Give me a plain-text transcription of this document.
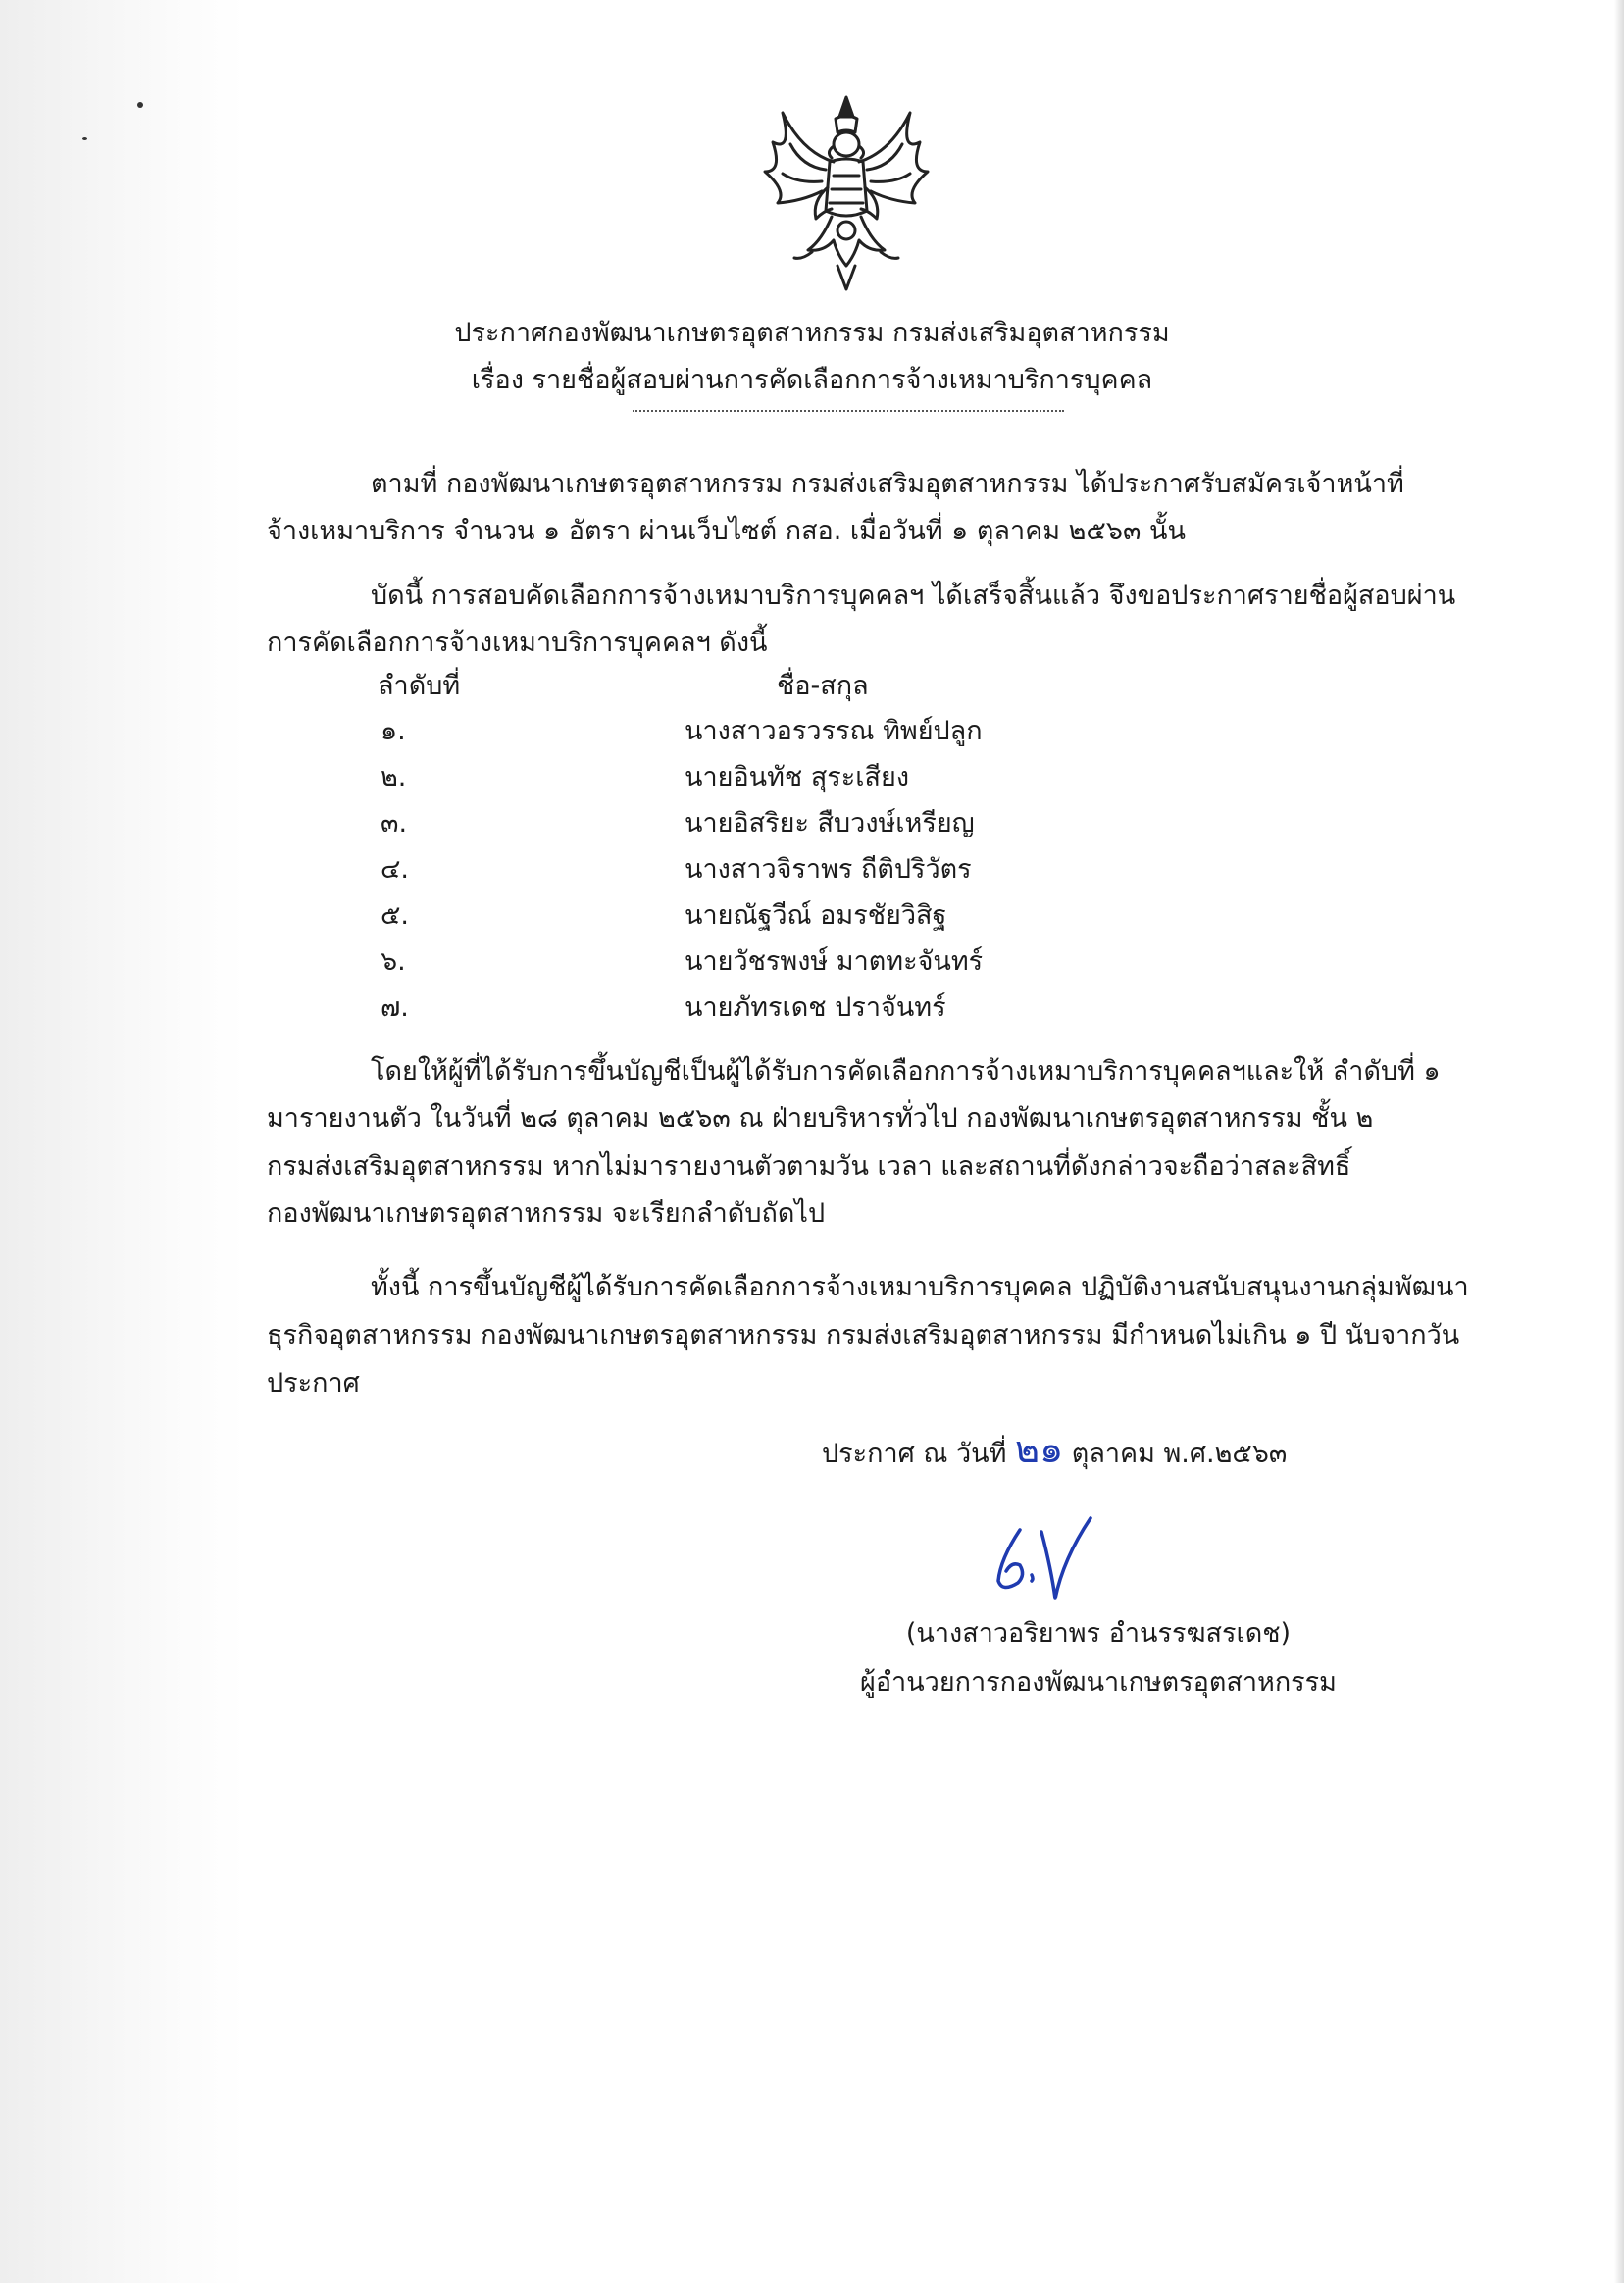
ประกาศกองพัฒนาเกษตรอุตสาหกรรม กรมส่งเสริมอุตสาหกรรม
เรื่อง รายชื่อผู้สอบผ่านการคัดเลือกการจ้างเหมาบริการบุคคล
ตามที่ กองพัฒนาเกษตรอุตสาหกรรม กรมส่งเสริมอุตสาหกรรม ได้ประกาศรับสมัครเจ้าหน้าที่
จ้างเหมาบริการ จำนวน ๑ อัตรา ผ่านเว็บไซต์ กสอ. เมื่อวันที่ ๑ ตุลาคม ๒๕๖๓ นั้น
บัดนี้ การสอบคัดเลือกการจ้างเหมาบริการบุคคลฯ ได้เสร็จสิ้นแล้ว จึงขอประกาศรายชื่อผู้สอบผ่าน
การคัดเลือกการจ้างเหมาบริการบุคคลฯ ดังนี้
ลำดับที่	ชื่อ-สกุล
๑.	นางสาวอรวรรณ ทิพย์ปลูก
๒.	นายอินทัช สุระเสียง
๓.	นายอิสริยะ สืบวงษ์เหรียญ
๔.	นางสาวจิราพร ถีติปริวัตร
๕.	นายณัฐวีณ์ อมรชัยวิสิฐ
๖.	นายวัชรพงษ์ มาตทะจันทร์
๗.	นายภัทรเดช ปราจันทร์
โดยให้ผู้ที่ได้รับการขึ้นบัญชีเป็นผู้ได้รับการคัดเลือกการจ้างเหมาบริการบุคคลฯและให้ ลำดับที่ ๑
มารายงานตัว ในวันที่ ๒๘ ตุลาคม ๒๕๖๓ ณ ฝ่ายบริหารทั่วไป กองพัฒนาเกษตรอุตสาหกรรม ชั้น ๒
กรมส่งเสริมอุตสาหกรรม หากไม่มารายงานตัวตามวัน เวลา และสถานที่ดังกล่าวจะถือว่าสละสิทธิ์
กองพัฒนาเกษตรอุตสาหกรรม จะเรียกลำดับถัดไป
ทั้งนี้ การขึ้นบัญชีผู้ได้รับการคัดเลือกการจ้างเหมาบริการบุคคล ปฏิบัติงานสนับสนุนงานกลุ่มพัฒนา
ธุรกิจอุตสาหกรรม กองพัฒนาเกษตรอุตสาหกรรม กรมส่งเสริมอุตสาหกรรม มีกำหนดไม่เกิน ๑ ปี นับจากวัน
ประกาศ
ประกาศ ณ วันที่ ๒๑ ตุลาคม พ.ศ.๒๕๖๓
(นางสาวอริยาพร อำนรรฆสรเดช)
ผู้อำนวยการกองพัฒนาเกษตรอุตสาหกรรม
